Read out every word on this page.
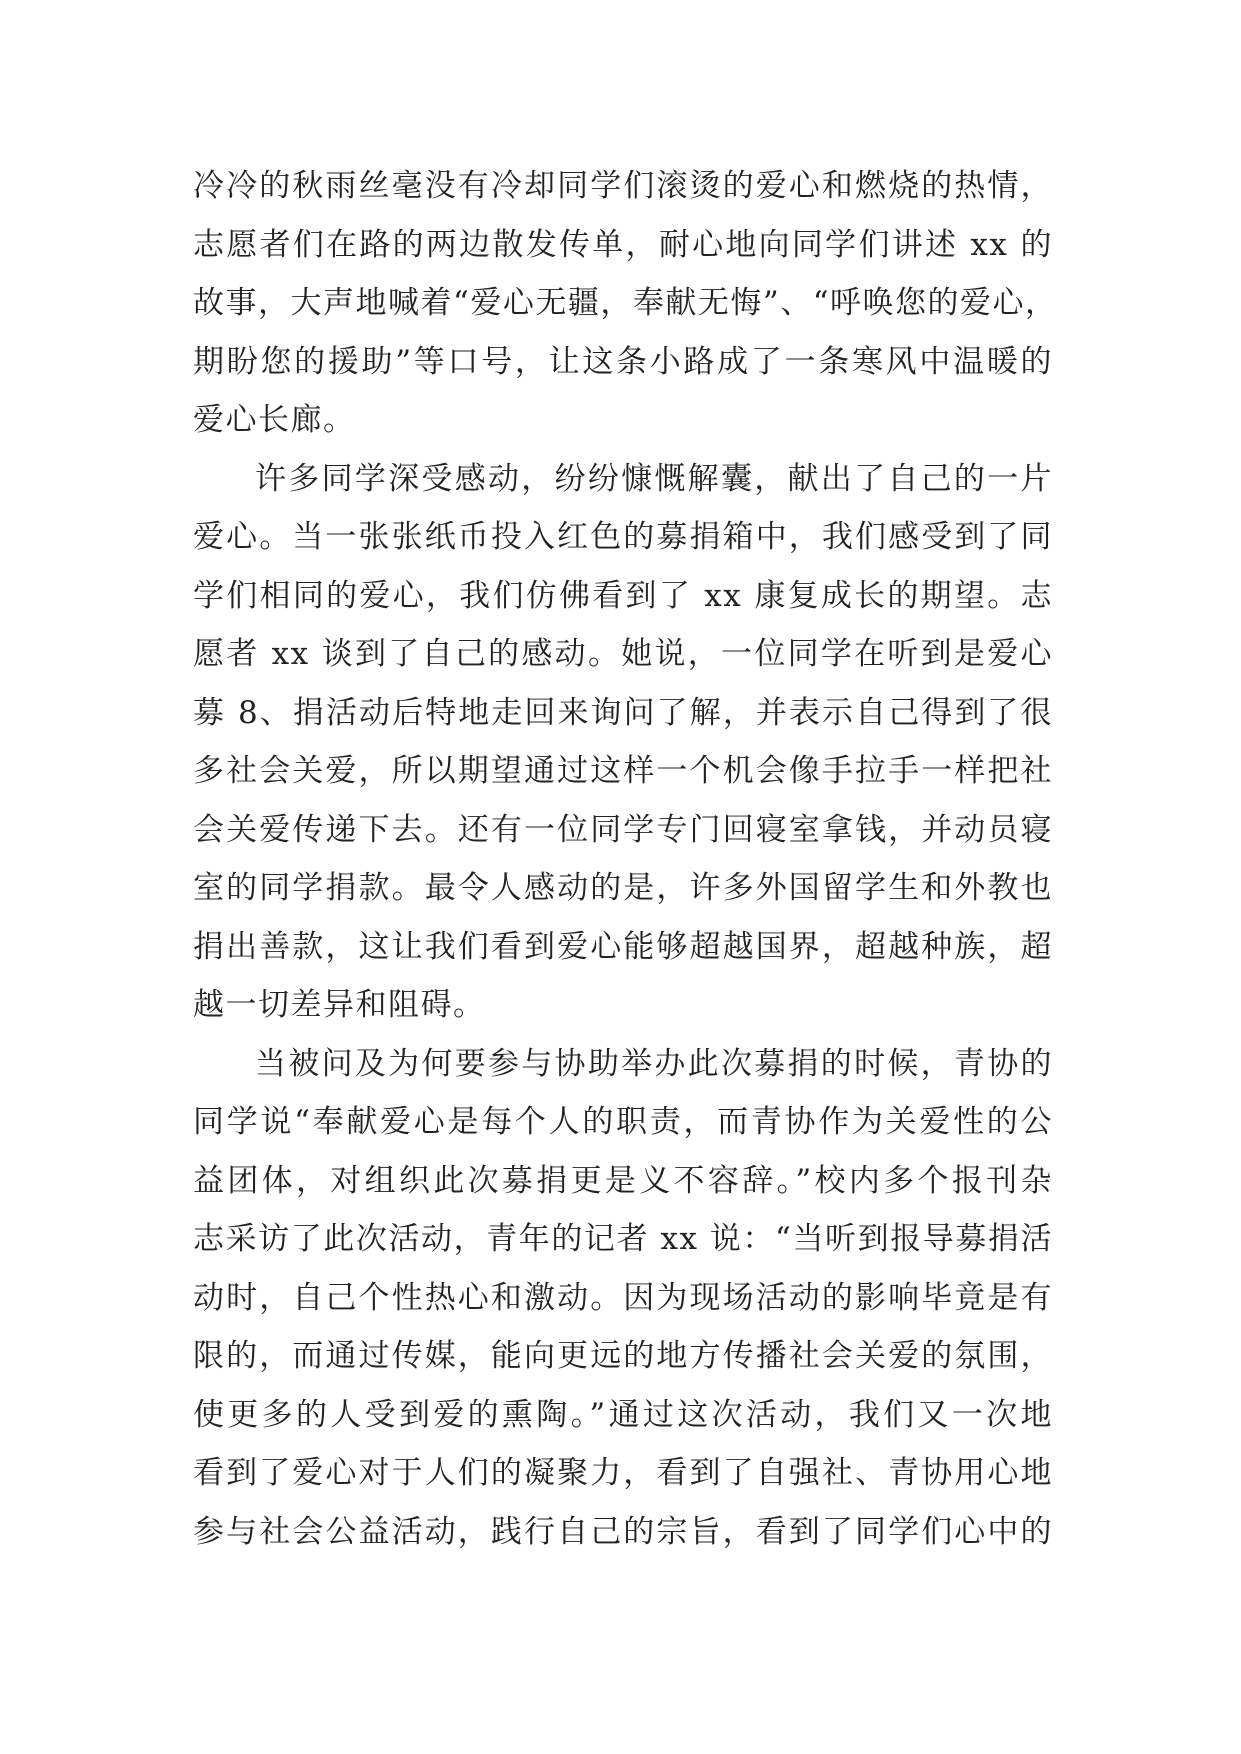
冷冷的秋雨丝毫没有冷却同学们滚烫的爱心和燃烧的热情，
志愿者们在路的两边散发传单，耐心地向同学们讲述 xx 的
故事，大声地喊着“爱心无疆，奉献无悔”、“呼唤您的爱心，
期盼您的援助”等口号，让这条小路成了一条寒风中温暖的
爱心长廊。
许多同学深受感动，纷纷慷慨解囊，献出了自己的一片
爱心。当一张张纸币投入红色的募捐箱中，我们感受到了同
学们相同的爱心，我们仿佛看到了 xx 康复成长的期望。志
愿者 xx 谈到了自己的感动。她说，一位同学在听到是爱心
募 8、捐活动后特地走回来询问了解，并表示自己得到了很
多社会关爱，所以期望通过这样一个机会像手拉手一样把社
会关爱传递下去。还有一位同学专门回寝室拿钱，并动员寝
室的同学捐款。最令人感动的是，许多外国留学生和外教也
捐出善款，这让我们看到爱心能够超越国界，超越种族，超
越一切差异和阻碍。
当被问及为何要参与协助举办此次募捐的时候，青协的
同学说“奉献爱心是每个人的职责，而青协作为关爱性的公
益团体，对组织此次募捐更是义不容辞。”校内多个报刊杂
志采访了此次活动，青年的记者 xx 说：“当听到报导募捐活
动时，自己个性热心和激动。因为现场活动的影响毕竟是有
限的，而通过传媒，能向更远的地方传播社会关爱的氛围，
使更多的人受到爱的熏陶。”通过这次活动，我们又一次地
看到了爱心对于人们的凝聚力，看到了自强社、青协用心地
参与社会公益活动，践行自己的宗旨，看到了同学们心中的
